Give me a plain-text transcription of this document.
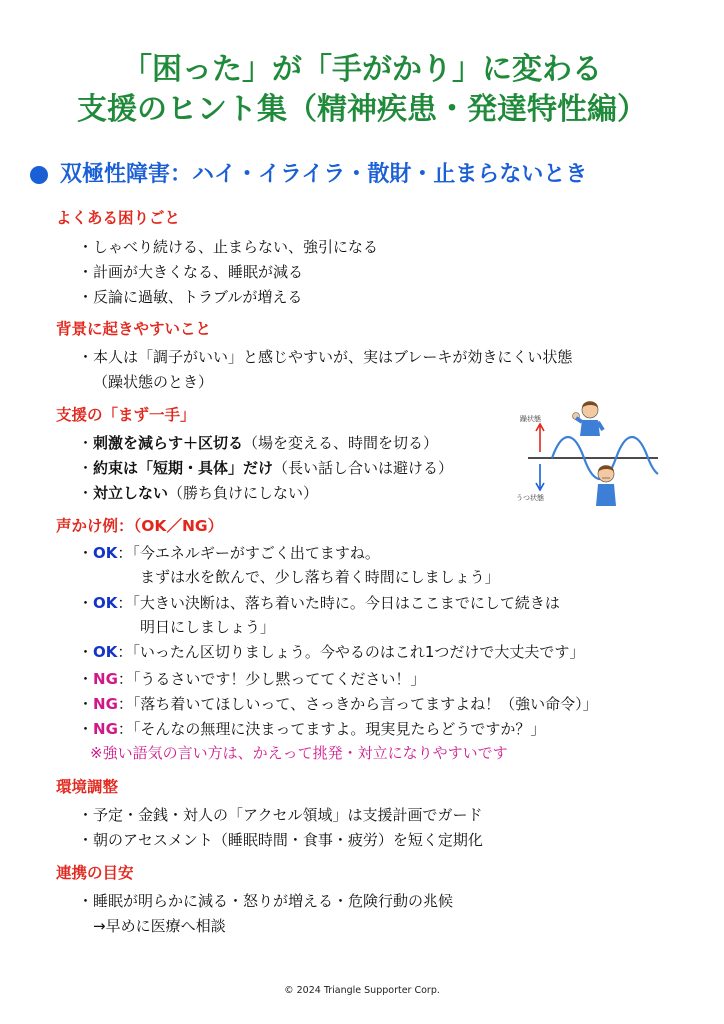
「困った」が「手がかり」に変わる
支援のヒント集（精神疾患・発達特性編）
双極性障害：ハイ・イライラ・散財・止まらないとき
よくある困りごと
・しゃべり続ける、止まらない、強引になる
・計画が大きくなる、睡眠が減る
・反論に過敏、トラブルが増える
背景に起きやすいこと
・本人は「調子がいい」と感じやすいが、実はブレーキが効きにくい状態
（躁状態のとき）
支援の「まず一手」
・刺激を減らす＋区切る（場を変える、時間を切る）
・約束は「短期・具体」だけ（長い話し合いは避ける）
・対立しない（勝ち負けにしない）
躁状態
うつ状態
声かけ例：（OK／NG）
・OK：「今エネルギーがすごく出てますね。
まずは水を飲んで、少し落ち着く時間にしましょう」
・OK：「大きい決断は、落ち着いた時に。今日はここまでにして続きは
明日にしましょう」
・OK：「いったん区切りましょう。今やるのはこれ1つだけで大丈夫です」
・NG：「うるさいです！少し黙っててください！」
・NG：「落ち着いてほしいって、さっきから言ってますよね！（強い命令）」
・NG：「そんなの無理に決まってますよ。現実見たらどうですか？」
※強い語気の言い方は、かえって挑発・対立になりやすいです
環境調整
・予定・金銭・対人の「アクセル領域」は支援計画でガード
・朝のアセスメント（睡眠時間・食事・疲労）を短く定期化
連携の目安
・睡眠が明らかに減る・怒りが増える・危険行動の兆候
→早めに医療へ相談
© 2024 Triangle Supporter Corp.
